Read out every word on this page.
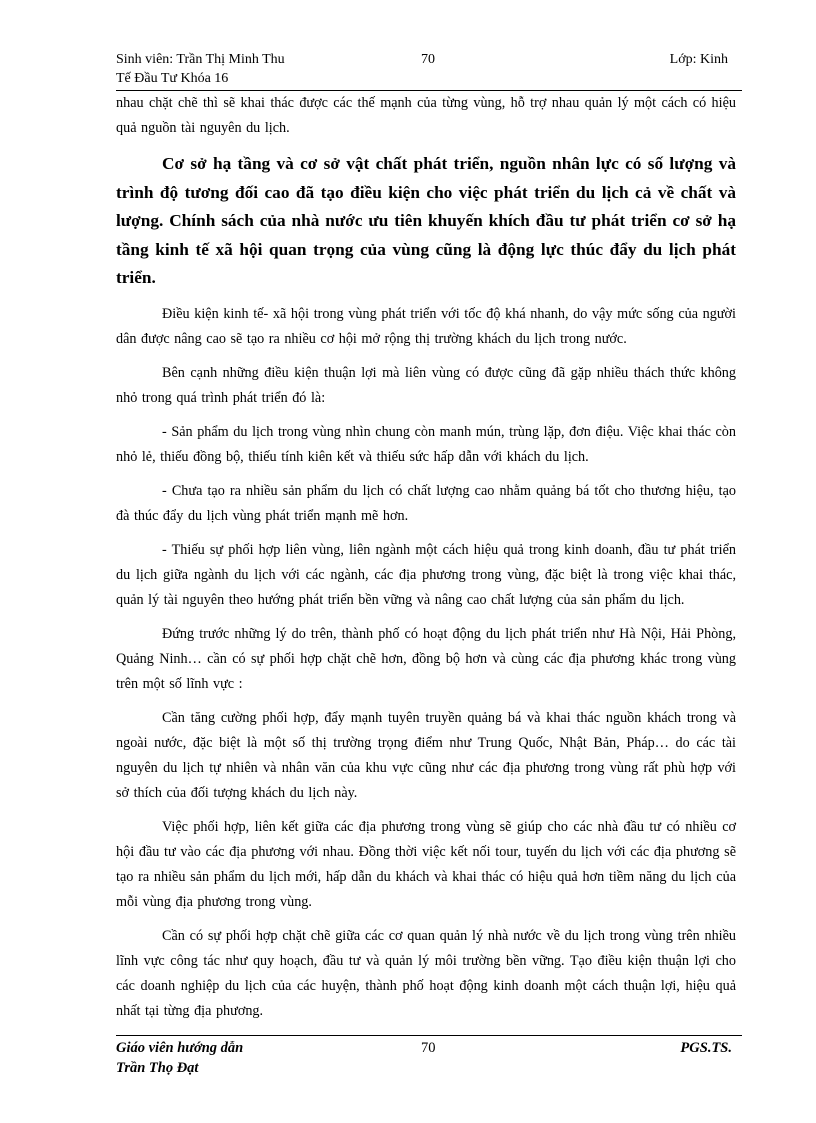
Sinh viên: Trần Thị Minh Thu
Tế Đầu Tư Khóa 16
70	Lớp: Kinh

nhau chặt chẽ thì sẽ khai thác được các thế mạnh của từng vùng, hỗ trợ nhau quản lý một cách có hiệu quả nguồn tài nguyên du lịch.

Cơ sở hạ tầng và cơ sở vật chất phát triển, nguồn nhân lực có số lượng và trình độ tương đối cao đã tạo điều kiện cho việc phát triển du lịch cả về chất và lượng. Chính sách của nhà nước ưu tiên khuyến khích đầu tư phát triển cơ sở hạ tầng kinh tế xã hội quan trọng của vùng cũng là động lực thúc đẩy du lịch phát triển.

Điều kiện kinh tế- xã hội trong vùng phát triển với tốc độ khá nhanh, do vậy mức sống của người dân được nâng cao sẽ tạo ra nhiều cơ hội mở rộng thị trường khách du lịch trong nước.

Bên cạnh những điều kiện thuận lợi mà liên vùng có được cũng đã gặp nhiều thách thức không nhỏ trong quá trình phát triển đó là:

- Sản phẩm du lịch trong vùng nhìn chung còn manh mún, trùng lặp, đơn điệu. Việc khai thác còn nhỏ lẻ, thiếu đồng bộ, thiếu tính kiên kết và thiếu sức hấp dẫn với khách du lịch.

- Chưa tạo ra nhiều sản phẩm du lịch có chất lượng cao nhằm quảng bá tốt cho thương hiệu, tạo đà thúc đẩy du lịch vùng phát triển mạnh mẽ hơn.

- Thiếu sự phối hợp liên vùng, liên ngành một cách hiệu quả trong kinh doanh, đầu tư phát triển du lịch giữa ngành du lịch với các ngành, các địa phương trong vùng, đặc biệt là trong việc khai thác, quản lý tài nguyên theo hướng phát triển bền vững và nâng cao chất lượng của sản phẩm du lịch.

Đứng trước những lý do trên, thành phố có hoạt động du lịch phát triển như Hà Nội, Hải Phòng, Quảng Ninh… cần có sự phối hợp chặt chẽ hơn, đồng bộ hơn và cùng các địa phương khác trong vùng trên một số lĩnh vực :

Cần tăng cường phối hợp, đẩy mạnh tuyên truyền quảng bá và khai thác nguồn khách trong và ngoài nước, đặc biệt là một số thị trường trọng điểm như Trung Quốc, Nhật Bản, Pháp… do các tài nguyên du lịch tự nhiên và nhân văn của khu vực cũng như các địa phương trong vùng rất phù hợp với sở thích của đối tượng khách du lịch này.

Việc phối hợp, liên kết giữa các địa phương trong vùng sẽ giúp cho các nhà đầu tư có nhiều cơ hội đầu tư vào các địa phương với nhau. Đồng thời việc kết nối tour, tuyến du lịch với các địa phương sẽ tạo ra nhiều sản phẩm du lịch mới, hấp dẫn du khách và khai thác có hiệu quả hơn tiềm năng du lịch của mỗi vùng địa phương trong vùng.

Cần có sự phối hợp chặt chẽ giữa các cơ quan quản lý nhà nước về du lịch trong vùng trên nhiều lĩnh vực công tác như quy hoạch, đầu tư và quản lý môi trường bền vững. Tạo điều kiện thuận lợi cho các doanh nghiệp du lịch của các huyện, thành phố hoạt động kinh doanh một cách thuận lợi, hiệu quả nhất tại từng địa phương.

Giáo viên hướng dẫn
Trần Thọ Đạt
70	PGS.TS.
